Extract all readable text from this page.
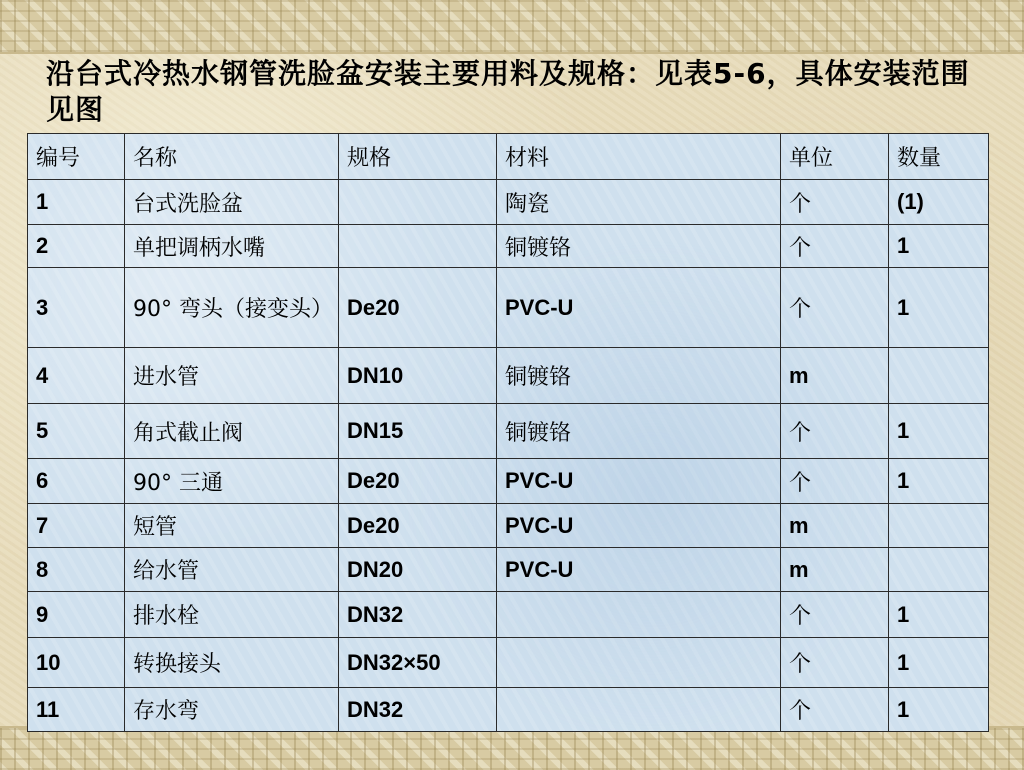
沿台式冷热水钢管洗脸盆安装主要用料及规格：见表5-6，具体安装范围见图
编号	名称	规格	材料	单位	数量
1	台式洗脸盆		陶瓷	个	(1)
2	单把调柄水嘴		铜镀铬	个	1
3	90° 弯头（接变头）	De20	PVC-U	个	1
4	进水管	DN10	铜镀铬	m	
5	角式截止阀	DN15	铜镀铬	个	1
6	90° 三通	De20	PVC-U	个	1
7	短管	De20	PVC-U	m	
8	给水管	DN20	PVC-U	m	
9	排水栓	DN32		个	1
10	转换接头	DN32×50		个	1
11	存水弯	DN32		个	1
